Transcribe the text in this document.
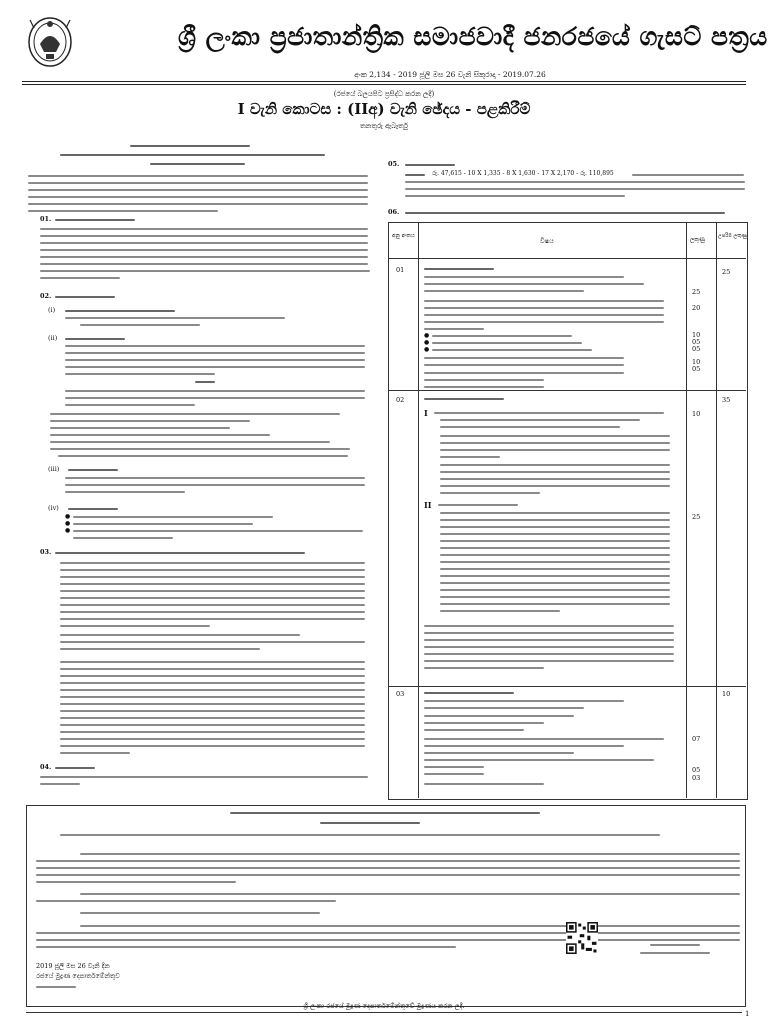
ශ්‍රී ලංකා ප්‍රජාතාන්ත්‍රික සමාජවාදී ජනරජයේ ගැසට් පත්‍රය
අංක 2,134 - 2019 ජූලි මස 26 වැනි සිකුරාදා - 2019.07.26
(රජයේ බලයපිට ප්‍රසිද්ධ කරන ලදී)
I වැනි කොටස : (IIඅ) වැනි ඡේදය - පළකිරීම්
තනතුරු ඇබෑර්තු
01.
02.
(i)
(ii)
(iii)
(iv)
●
●
●
03.
04.
05.
රු. 47,615 - 10 X 1,335 - 8 X 1,630 - 17 X 2,170 - රු. 110,895
06.
අනු අංකය
විෂය	ලකුණු
උපරිම ලකුණු
01
●
●
●
25
25
20
10
05
05
10
05
02
I
II
35
10
25
03	10
07
05
03
2019 ජූලි මස 26 වැනි දින
රජයේ මුද්‍රණ දෙපාර්තමේන්තුව
ශ්‍රී ලංකා රජයේ මුද්‍රණ දෙපාර්තමේන්තුවේ මුද්‍රණය කරන ලදී.
1
